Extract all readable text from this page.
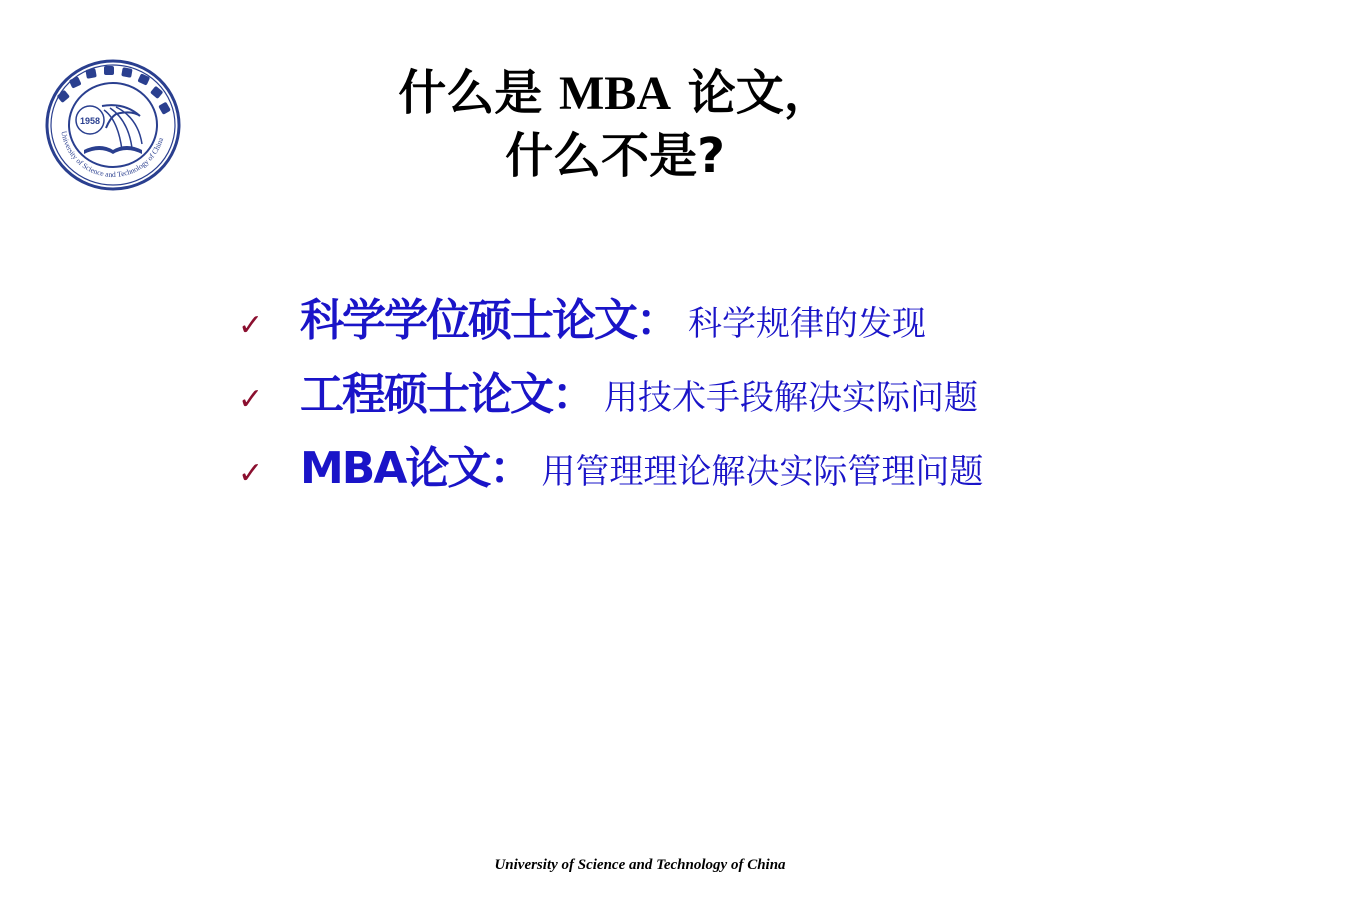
1958
University of Science and Technology of China
什么是 MBA 论文，
什么不是?
✓ 科学学位硕士论文： 科学规律的发现
✓ 工程硕士论文： 用技术手段解决实际问题
✓ MBA论文： 用管理理论解决实际管理问题
University of Science and Technology of China
